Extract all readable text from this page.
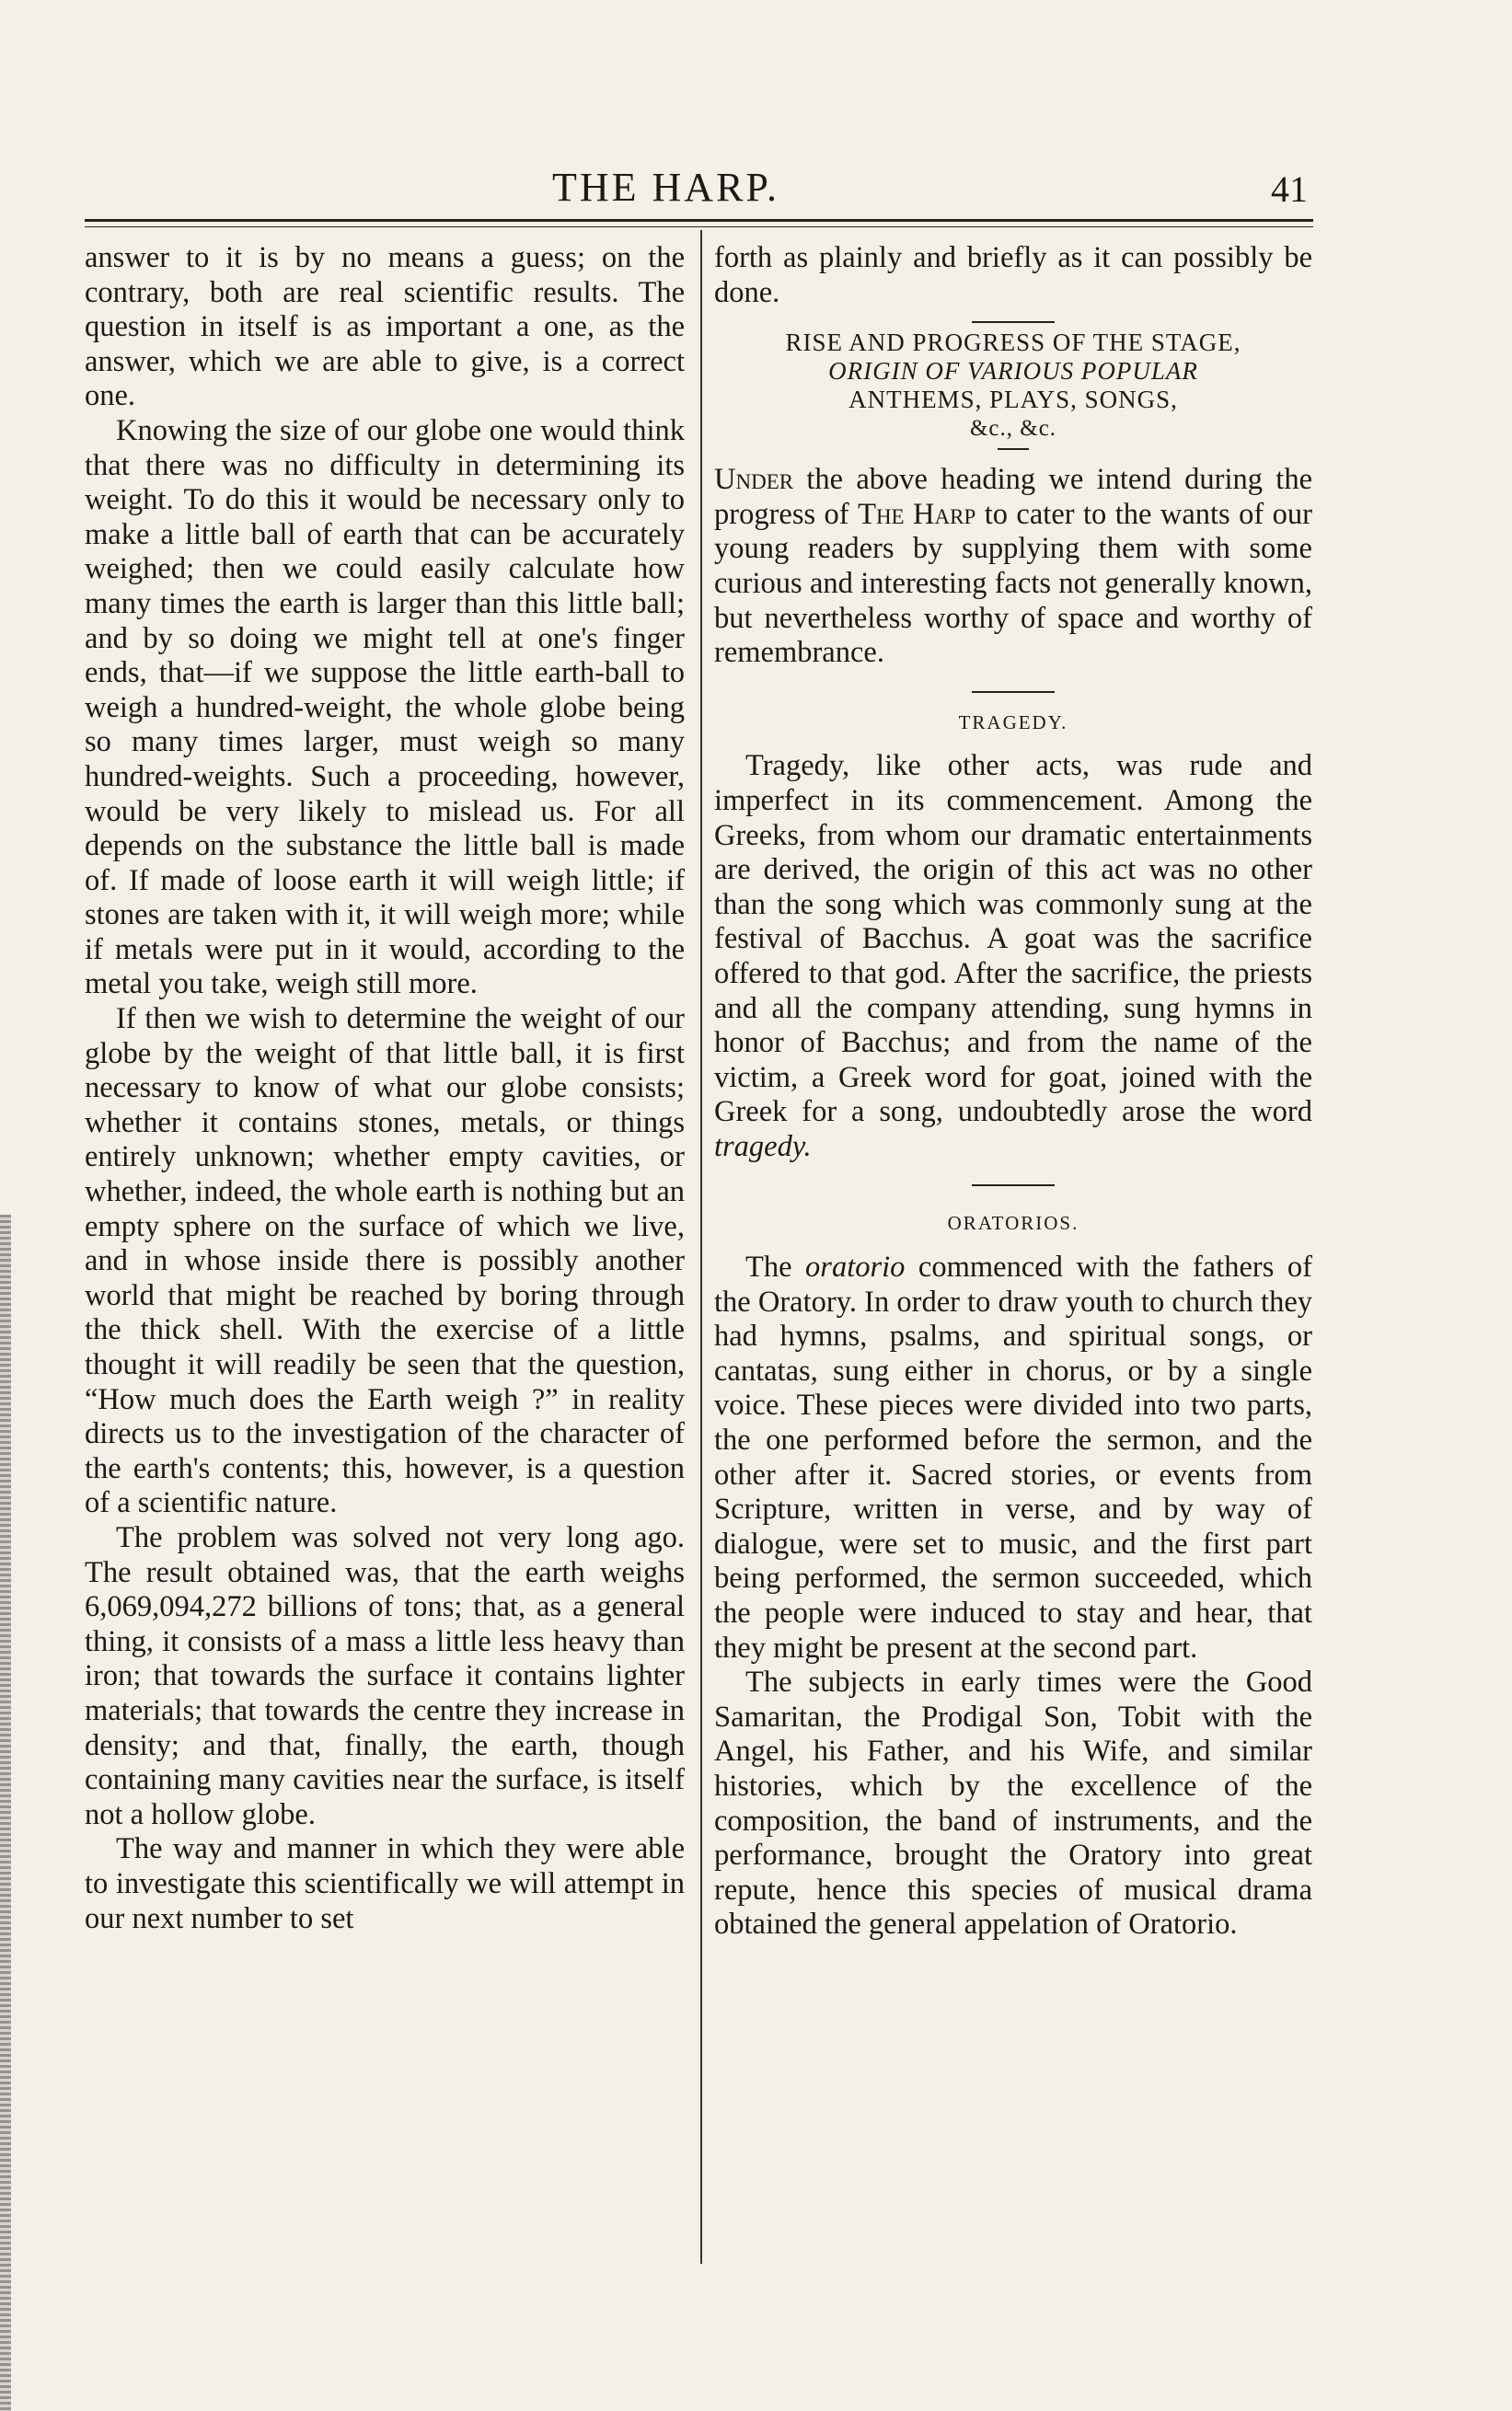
THE HARP.	41

answer to it is by no means a guess; on the contrary, both are real scientific results. The question in itself is as important a one, as the answer, which we are able to give, is a correct one.

Knowing the size of our globe one would think that there was no difficulty in determining its weight. To do this it would be necessary only to make a little ball of earth that can be accurately weighed; then we could easily calculate how many times the earth is larger than this little ball; and by so doing we might tell at one's finger ends, that—if we suppose the little earth-ball to weigh a hundred-weight, the whole globe being so many times larger, must weigh so many hundred-weights. Such a proceeding, however, would be very likely to mislead us. For all depends on the substance the little ball is made of. If made of loose earth it will weigh little; if stones are taken with it, it will weigh more; while if metals were put in it would, according to the metal you take, weigh still more.

If then we wish to determine the weight of our globe by the weight of that little ball, it is first necessary to know of what our globe consists; whether it contains stones, metals, or things entirely unknown; whether empty cavities, or whether, indeed, the whole earth is nothing but an empty sphere on the surface of which we live, and in whose inside there is possibly another world that might be reached by boring through the thick shell. With the exercise of a little thought it will readily be seen that the question, “How much does the Earth weigh ?” in reality directs us to the investigation of the character of the earth's contents; this, however, is a question of a scientific nature.

The problem was solved not very long ago. The result obtained was, that the earth weighs 6,069,094,272 billions of tons; that, as a general thing, it consists of a mass a little less heavy than iron; that towards the surface it contains lighter materials; that towards the centre they increase in density; and that, finally, the earth, though containing many cavities near the surface, is itself not a hollow globe.

The way and manner in which they were able to investigate this scientifically we will attempt in our next number to set

forth as plainly and briefly as it can possibly be done.

RISE AND PROGRESS OF THE STAGE,
ORIGIN OF VARIOUS POPULAR
ANTHEMS, PLAYS, SONGS,
&c., &c.

Under the above heading we intend during the progress of The Harp to cater to the wants of our young readers by supplying them with some curious and interesting facts not generally known, but nevertheless worthy of space and worthy of remembrance.

TRAGEDY.

Tragedy, like other acts, was rude and imperfect in its commencement. Among the Greeks, from whom our dramatic entertainments are derived, the origin of this act was no other than the song which was commonly sung at the festival of Bacchus. A goat was the sacrifice offered to that god. After the sacrifice, the priests and all the company attending, sung hymns in honor of Bacchus; and from the name of the victim, a Greek word for goat, joined with the Greek for a song, undoubtedly arose the word tragedy.

ORATORIOS.

The oratorio commenced with the fathers of the Oratory. In order to draw youth to church they had hymns, psalms, and spiritual songs, or cantatas, sung either in chorus, or by a single voice. These pieces were divided into two parts, the one performed before the sermon, and the other after it. Sacred stories, or events from Scripture, written in verse, and by way of dialogue, were set to music, and the first part being performed, the sermon succeeded, which the people were induced to stay and hear, that they might be present at the second part.

The subjects in early times were the Good Samaritan, the Prodigal Son, Tobit with the Angel, his Father, and his Wife, and similar histories, which by the excellence of the composition, the band of instruments, and the performance, brought the Oratory into great repute, hence this species of musical drama obtained the general appelation of Oratorio.
